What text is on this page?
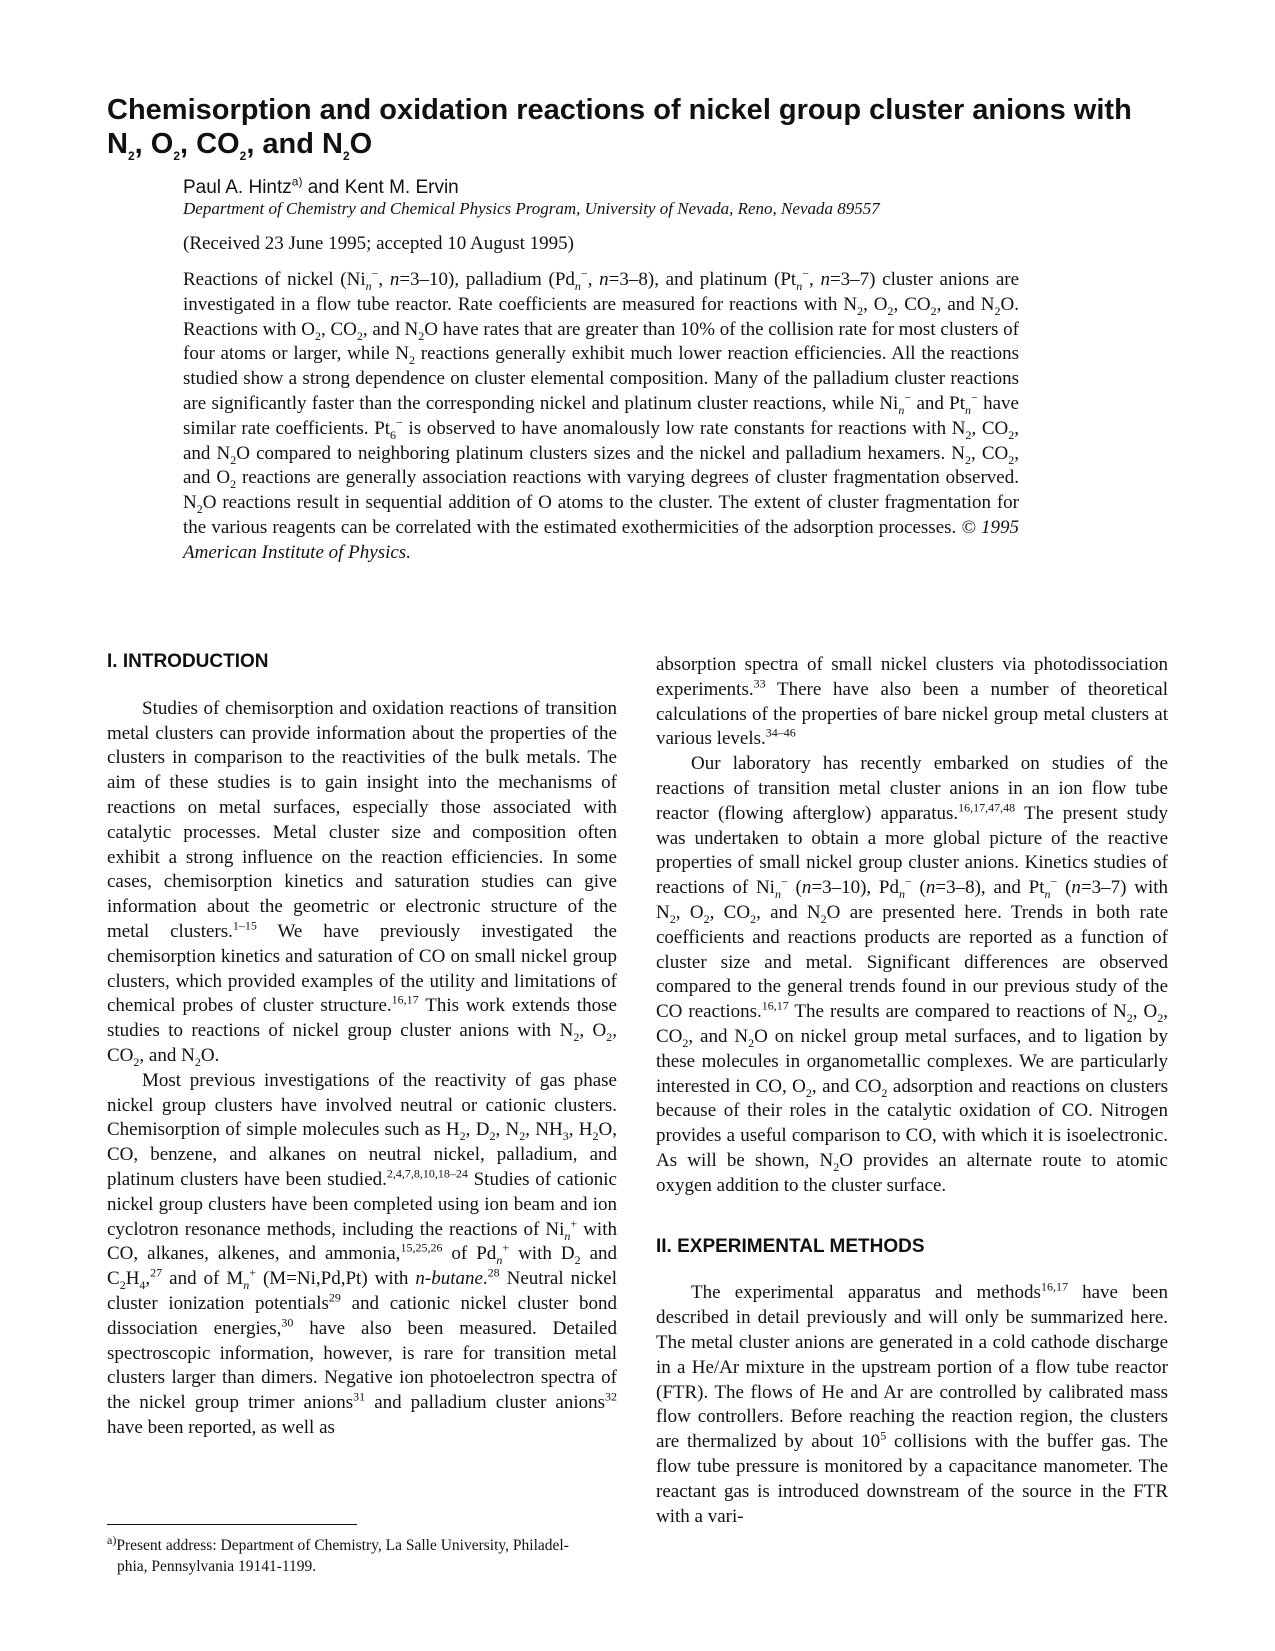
Chemisorption and oxidation reactions of nickel group cluster anions with
$N_2$, $O_2$, $CO_2$, and $N_2O$

Paul A. Hintz$^{a)}$ and Kent M. Ervin

Department of Chemistry and Chemical Physics Program, University of Nevada, Reno, Nevada 89557

(Received 23 June 1995; accepted 10 August 1995)

Reactions of nickel ($Ni_n^-$, n=3–10), palladium ($Pd_n^-$, n=3–8), and platinum ($Pt_n^-$, n=3–7) cluster anions are investigated in a flow tube reactor. Rate coefficients are measured for reactions with $N_2$, $O_2$, $CO_2$, and $N_2O$. Reactions with $O_2$, $CO_2$, and $N_2O$ have rates that are greater than 10% of the collision rate for most clusters of four atoms or larger, while $N_2$ reactions generally exhibit much lower reaction efficiencies. All the reactions studied show a strong dependence on cluster elemental composition. Many of the palladium cluster reactions are significantly faster than the corresponding nickel and platinum cluster reactions, while $Ni_n^-$ and $Pt_n^-$ have similar rate coefficients. $Pt_6^-$ is observed to have anomalously low rate constants for reactions with $N_2$, $CO_2$, and $N_2O$ compared to neighboring platinum clusters sizes and the nickel and palladium hexamers. $N_2$, $CO_2$, and $O_2$ reactions are generally association reactions with varying degrees of cluster fragmentation observed. $N_2O$ reactions result in sequential addition of O atoms to the cluster. The extent of cluster fragmentation for the various reagents can be correlated with the estimated exothermicities of the adsorption processes. © 1995 American Institute of Physics.
I. INTRODUCTION

Studies of chemisorption and oxidation reactions of transition metal clusters can provide information about the properties of the clusters in comparison to the reactivities of the bulk metals. The aim of these studies is to gain insight into the mechanisms of reactions on metal surfaces, especially those associated with catalytic processes. Metal cluster size and composition often exhibit a strong influence on the reaction efficiencies. In some cases, chemisorption kinetics and saturation studies can give information about the geometric or electronic structure of the metal clusters.$^{1-15}$ We have previously investigated the chemisorption kinetics and saturation of CO on small nickel group clusters, which provided examples of the utility and limitations of chemical probes of cluster structure.$^{16,17}$ This work extends those studies to reactions of nickel group cluster anions with $N_2$, $O_2$, $CO_2$, and $N_2O$.

Most previous investigations of the reactivity of gas phase nickel group clusters have involved neutral or cationic clusters. Chemisorption of simple molecules such as $H_2$, $D_2$, $N_2$, $NH_3$, $H_2O$, CO, benzene, and alkanes on neutral nickel, palladium, and platinum clusters have been studied.$^{2,4,7,8,10,18-24}$ Studies of cationic nickel group clusters have been completed using ion beam and ion cyclotron resonance methods, including the reactions of $Ni_n^+$ with CO, alkanes, alkenes, and ammonia,$^{15,25,26}$ of $Pd_n^+$ with $D_2$ and $C_2H_4,^{27}$ and of $M_n^+$ (M=Ni,Pd,Pt) with n-butane.$^{28}$ Neutral nickel cluster ionization potentials$^{29}$ and cationic nickel cluster bond dissociation energies,$^{30}$ have also been measured. Detailed spectroscopic information, however, is rare for transition metal clusters larger than dimers. Negative ion photoelectron spectra of the nickel group trimer anions$^{31}$ and palladium cluster anions$^{32}$ have been reported, as well as

$^{a)}$Present address: Department of Chemistry, La Salle University, Philadel-
phia, Pennsylvania 19141-1199.

absorption spectra of small nickel clusters via photodissociation experiments.$^{33}$ There have also been a number of theoretical calculations of the properties of bare nickel group metal clusters at various levels.$^{34-46}$

Our laboratory has recently embarked on studies of the reactions of transition metal cluster anions in an ion flow tube reactor (flowing afterglow) apparatus.$^{16,17,47,48}$ The present study was undertaken to obtain a more global picture of the reactive properties of small nickel group cluster anions. Kinetics studies of reactions of $Ni_n^-$ (n=3–10), $Pd_n^-$ (n=3–8), and $Pt_n^-$ (n=3–7) with $N_2$, $O_2$, $CO_2$, and $N_2O$ are presented here. Trends in both rate coefficients and reactions products are reported as a function of cluster size and metal. Significant differences are observed compared to the general trends found in our previous study of the CO reactions.$^{16,17}$ The results are compared to reactions of $N_2$, $O_2$, $CO_2$, and $N_2O$ on nickel group metal surfaces, and to ligation by these molecules in organometallic complexes. We are particularly interested in CO, $O_2$, and $CO_2$ adsorption and reactions on clusters because of their roles in the catalytic oxidation of CO. Nitrogen provides a useful comparison to CO, with which it is isoelectronic. As will be shown, $N_2O$ provides an alternate route to atomic oxygen addition to the cluster surface.

II. EXPERIMENTAL METHODS

The experimental apparatus and methods$^{16,17}$ have been described in detail previously and will only be summarized here. The metal cluster anions are generated in a cold cathode discharge in a He/Ar mixture in the upstream portion of a flow tube reactor (FTR). The flows of He and Ar are controlled by calibrated mass flow controllers. Before reaching the reaction region, the clusters are thermalized by about $10^5$ collisions with the buffer gas. The flow tube pressure is monitored by a capacitance manometer. The reactant gas is introduced downstream of the source in the FTR with a vari-
